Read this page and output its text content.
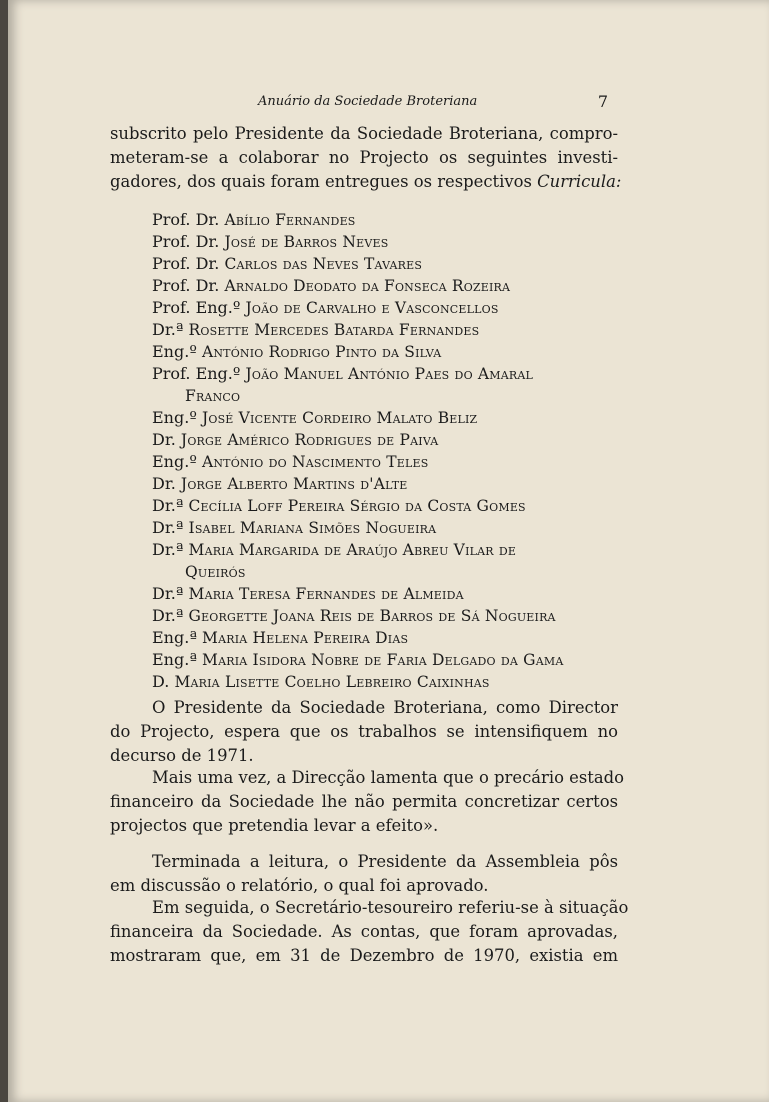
Anuário da Sociedade Broteriana	7
subscrito pelo Presidente da Sociedade Broteriana, compro-
meteram-se a colaborar no Projecto os seguintes investi-
gadores, dos quais foram entregues os respectivos Curricula:
Prof. Dr. Abílio Fernandes
Prof. Dr. José de Barros Neves
Prof. Dr. Carlos das Neves Tavares
Prof. Dr. Arnaldo Deodato da Fonseca Rozeira
Prof. Eng.º João de Carvalho e Vasconcellos
Dr.ª Rosette Mercedes Batarda Fernandes
Eng.º António Rodrigo Pinto da Silva
Prof. Eng.º João Manuel António Paes do Amaral
Franco
Eng.º José Vicente Cordeiro Malato Beliz
Dr. Jorge Américo Rodrigues de Paiva
Eng.º António do Nascimento Teles
Dr. Jorge Alberto Martins d'Alte
Dr.ª Cecília Loff Pereira Sérgio da Costa Gomes
Dr.ª Isabel Mariana Simões Nogueira
Dr.ª Maria Margarida de Araújo Abreu Vilar de
Queirós
Dr.ª Maria Teresa Fernandes de Almeida
Dr.ª Georgette Joana Reis de Barros de Sá Nogueira
Eng.ª Maria Helena Pereira Dias
Eng.ª Maria Isidora Nobre de Faria Delgado da Gama
D. Maria Lisette Coelho Lebreiro Caixinhas
O Presidente da Sociedade Broteriana, como Director
do Projecto, espera que os trabalhos se intensifiquem no
decurso de 1971.
Mais uma vez, a Direcção lamenta que o precário estado
financeiro da Sociedade lhe não permita concretizar certos
projectos que pretendia levar a efeito».
Terminada a leitura, o Presidente da Assembleia pôs
em discussão o relatório, o qual foi aprovado.
Em seguida, o Secretário-tesoureiro referiu-se à situação
financeira da Sociedade. As contas, que foram aprovadas,
mostraram que, em 31 de Dezembro de 1970, existia em
